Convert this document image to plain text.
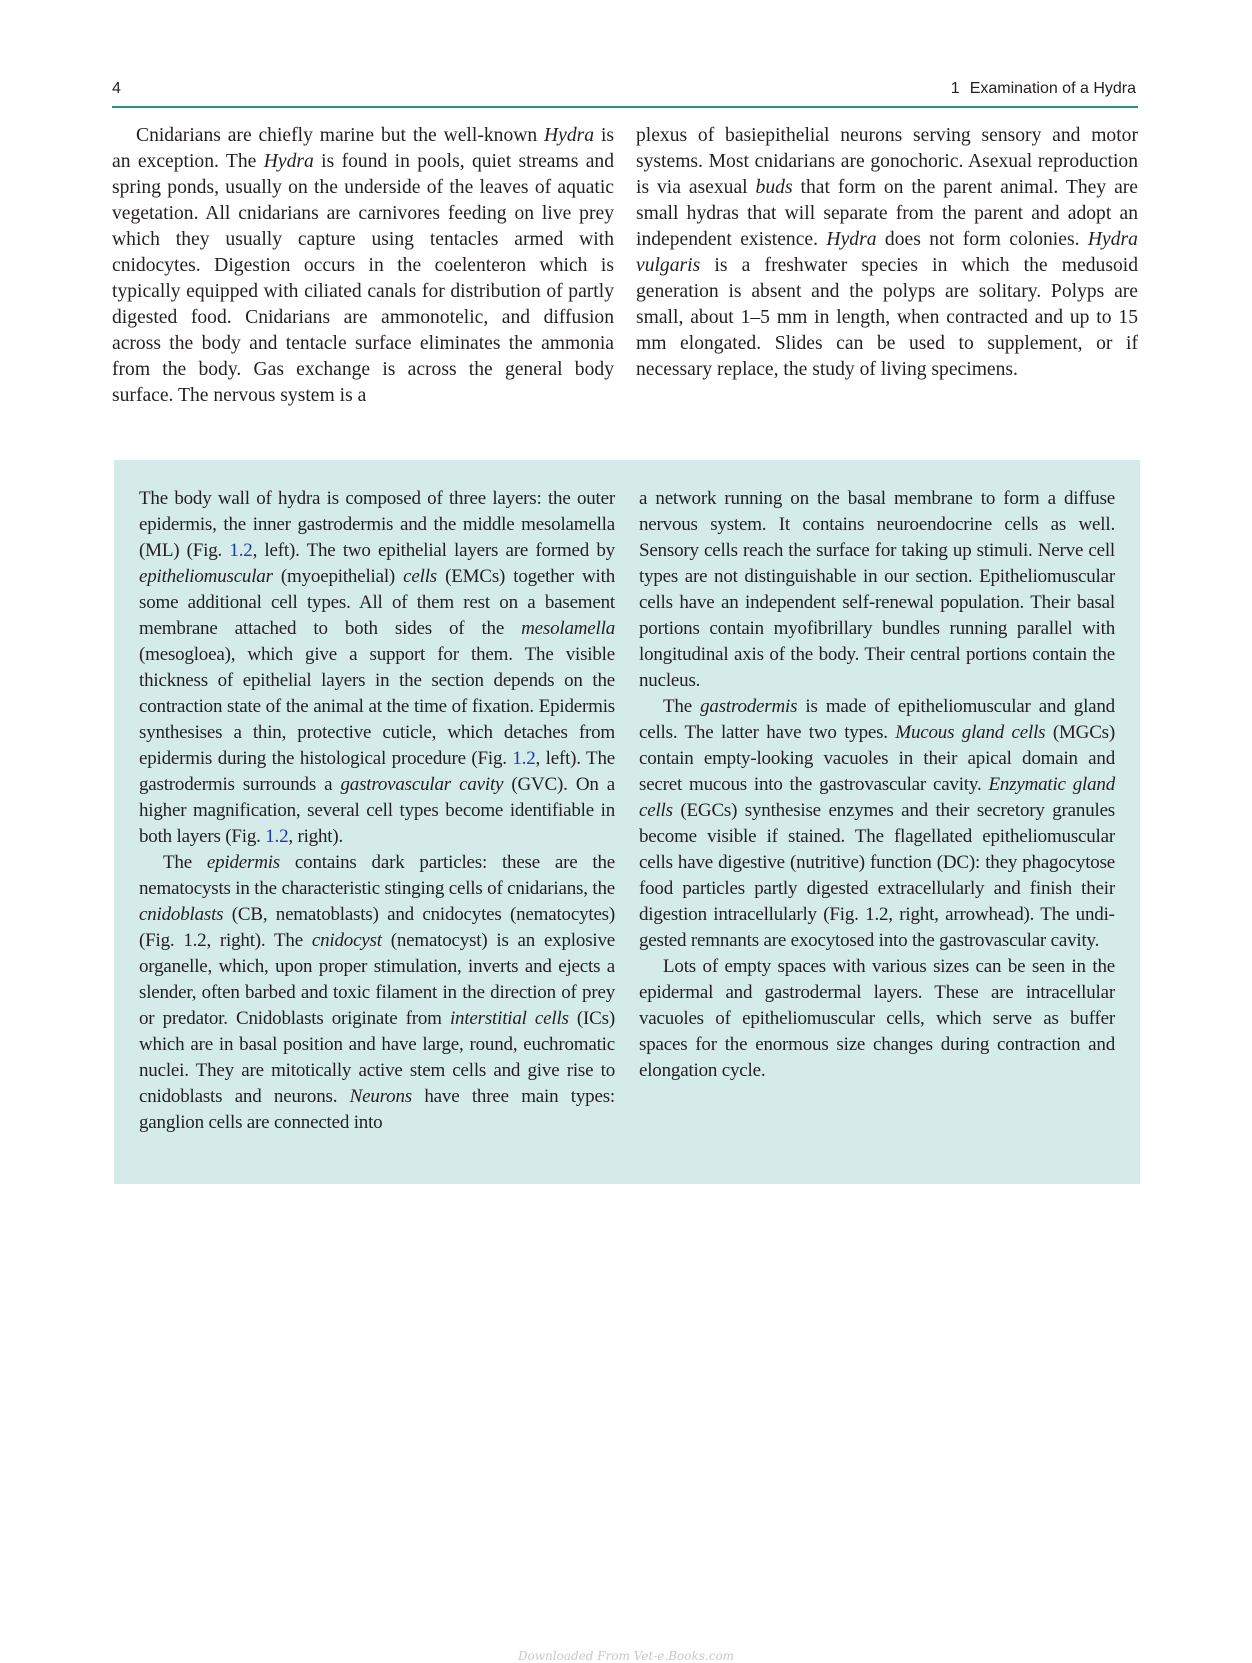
4	1 Examination of a Hydra

Cnidarians are chiefly marine but the well-known Hydra is an exception. The Hydra is found in pools, quiet streams and spring ponds, usually on the underside of the leaves of aquatic vegetation. All cnidarians are carnivores feeding on live prey which they usually capture using tentacles armed with cnidocytes. Digestion occurs in the coelenteron which is typically equipped with ciliated canals for distribution of partly digested food. Cnidarians are ammonotelic, and diffusion across the body and tentacle surface eliminates the ammonia from the body. Gas exchange is across the general body surface. The nervous system is a

plexus of basiepithelial neurons serving sensory and motor systems. Most cnidarians are gonochoric. Asexual reproduction is via asexual buds that form on the parent animal. They are small hydras that will separate from the parent and adopt an independent existence. Hydra does not form colonies. Hydra vulgaris is a freshwater species in which the medusoid generation is absent and the polyps are solitary. Polyps are small, about 1–5 mm in length, when contracted and up to 15 mm elongated. Slides can be used to supplement, or if necessary replace, the study of living specimens.

The body wall of hydra is composed of three layers: the outer epidermis, the inner gastrodermis and the middle mesolamella (ML) (Fig. 1.2, left). The two epithelial layers are formed by epitheliomuscular (myoepithelial) cells (EMCs) together with some additional cell types. All of them rest on a basement membrane attached to both sides of the mesolamella (mesogloea), which give a support for them. The visible thickness of epithelial layers in the section depends on the contraction state of the animal at the time of fixation. Epidermis synthesises a thin, protective cuticle, which detaches from epidermis during the histological procedure (Fig. 1.2, left). The gastrodermis surrounds a gastrovascular cavity (GVC). On a higher magnification, several cell types become identifiable in both layers (Fig. 1.2, right).

The epidermis contains dark particles: these are the nematocysts in the characteristic stinging cells of cnidarians, the cnidoblasts (CB, nematoblasts) and cnidocytes (nematocytes) (Fig. 1.2, right). The cnidocyst (nematocyst) is an explosive organelle, which, upon proper stimulation, inverts and ejects a slender, often barbed and toxic filament in the direction of prey or predator. Cnidoblasts originate from interstitial cells (ICs) which are in basal position and have large, round, euchromatic nuclei. They are mitotically active stem cells and give rise to cnidoblasts and neurons. Neurons have three main types: ganglion cells are connected into

a network running on the basal membrane to form a diffuse nervous system. It contains neuroendocrine cells as well. Sensory cells reach the surface for taking up stimuli. Nerve cell types are not distinguishable in our section. Epitheliomuscular cells have an independent self-renewal population. Their basal portions contain myofibrillary bundles running parallel with longitudinal axis of the body. Their central portions contain the nucleus.

The gastrodermis is made of epitheliomuscular and gland cells. The latter have two types. Mucous gland cells (MGCs) contain empty-looking vacuoles in their apical domain and secret mucous into the gastrovascular cavity. Enzymatic gland cells (EGCs) synthesise enzymes and their secretory granules become visible if stained. The flagellated epitheliomuscular cells have digestive (nutritive) function (DC): they phagocytose food particles partly digested extracellularly and finish their digestion intracellularly (Fig. 1.2, right, arrowhead). The undigested remnants are exocytosed into the gastrovascular cavity.

Lots of empty spaces with various sizes can be seen in the epidermal and gastrodermal layers. These are intracellular vacuoles of epitheliomuscular cells, which serve as buffer spaces for the enormous size changes during contraction and elongation cycle.

Downloaded From Vet-e.Books.com
